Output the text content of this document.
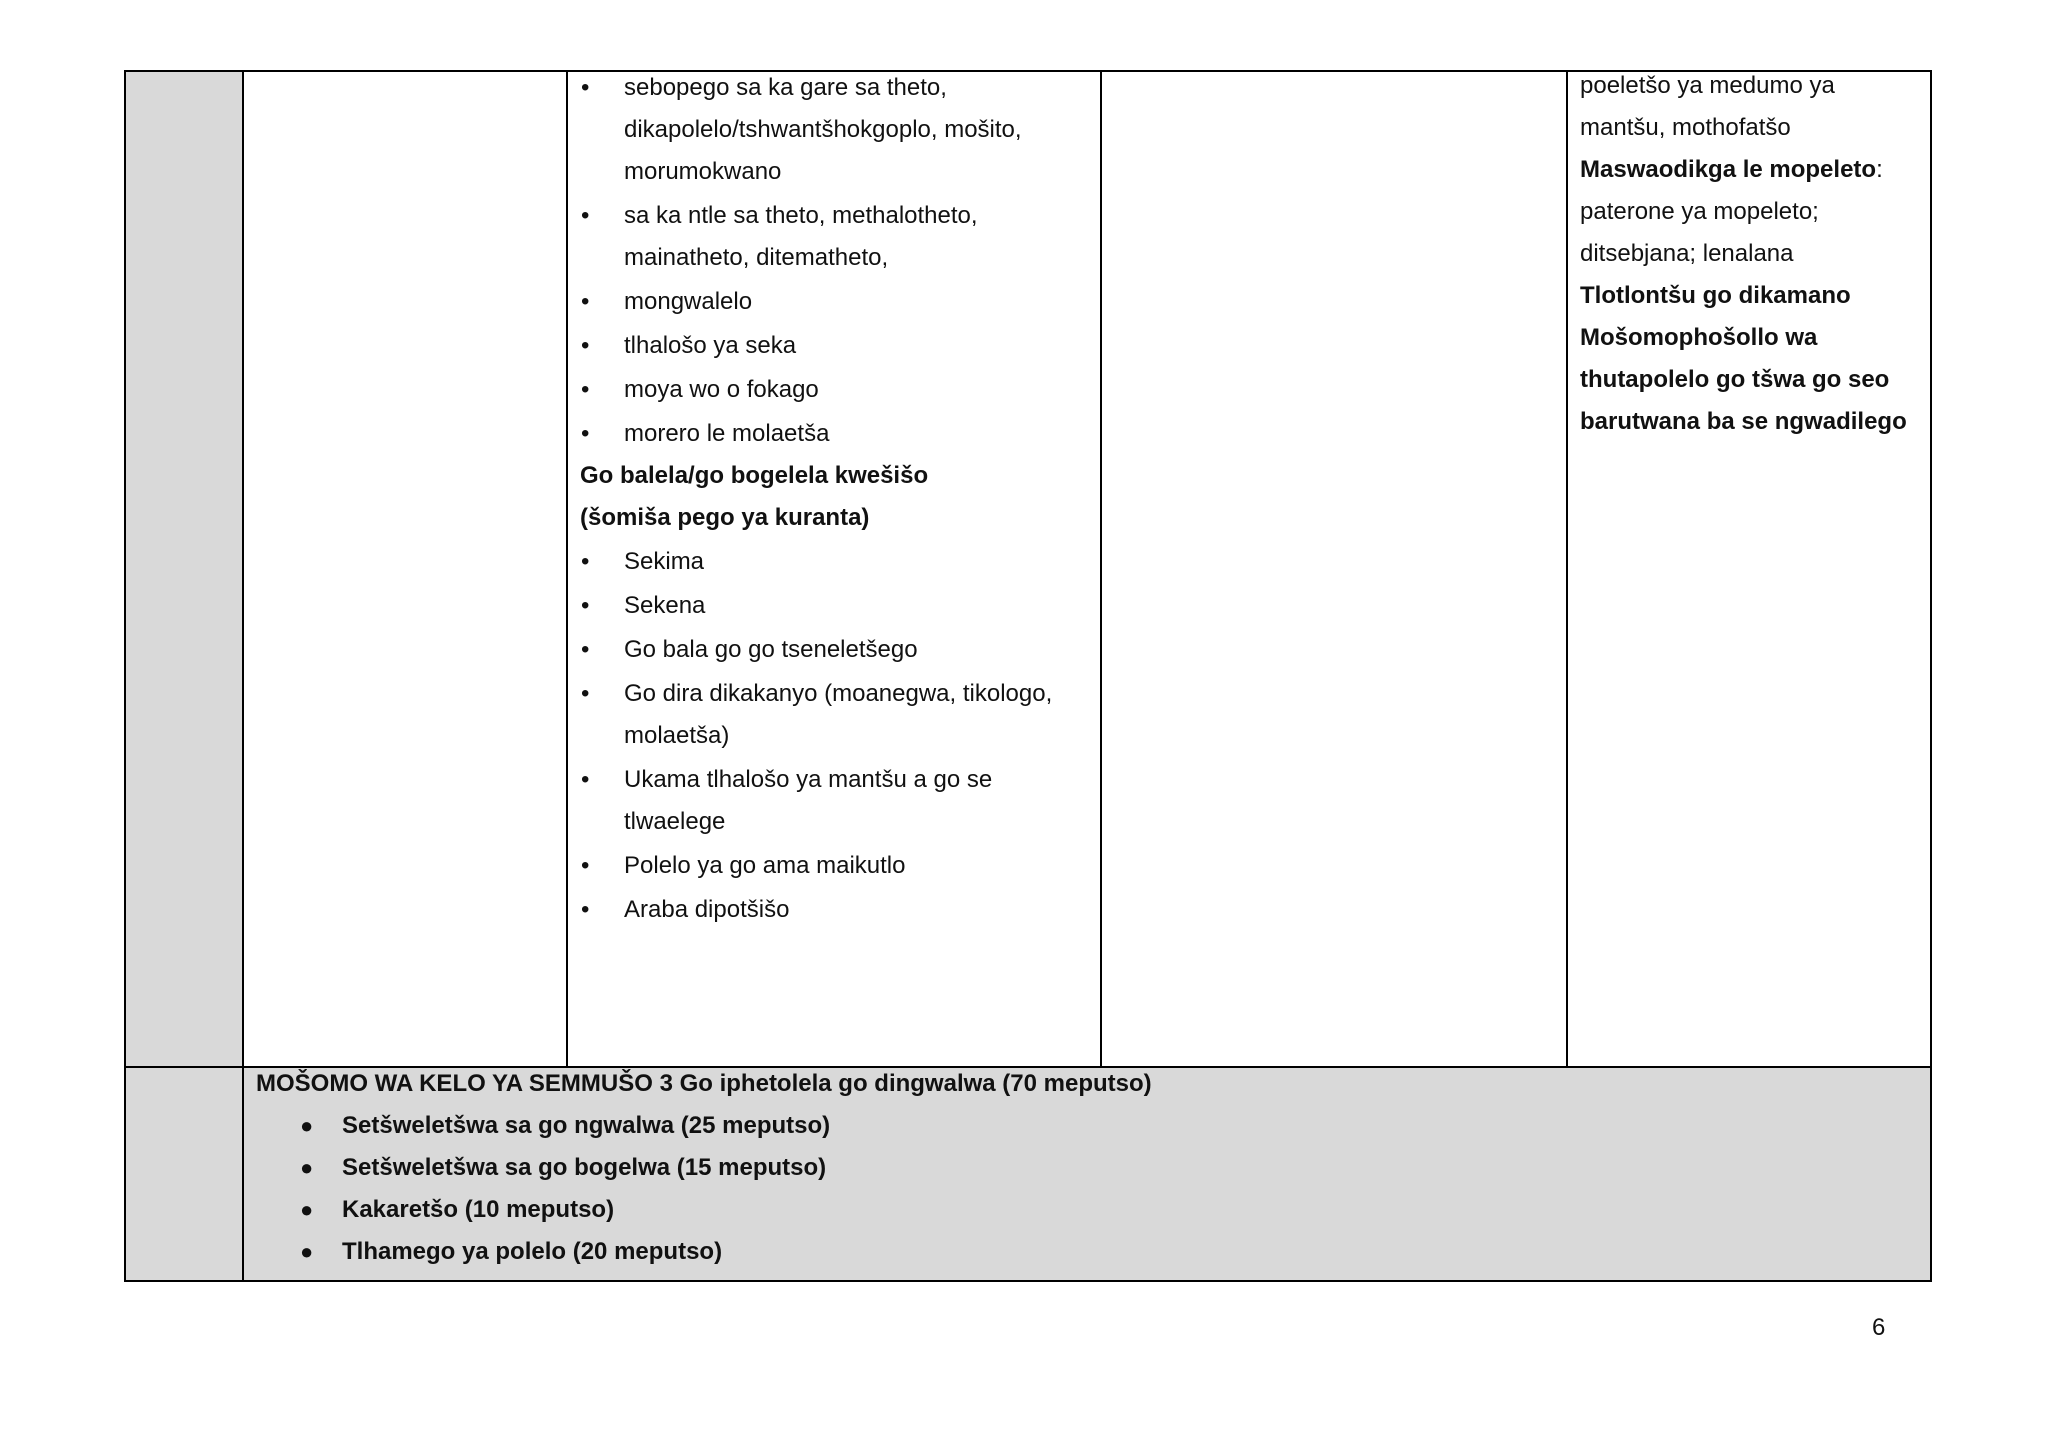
• sebopego sa ka gare sa theto,
dikapolelo/tshwantšhokgoplo, mošito,
morumokwano
• sa ka ntle sa theto, methalotheto,
mainatheto, ditematheto,
• mongwalelo
• tlhalošo ya seka
• moya wo o fokago
• morero le molaetša
Go balela/go bogelela kwešišo
(šomiša pego ya kuranta)
• Sekima
• Sekena
• Go bala go go tseneletšego
• Go dira dikakanyo (moanegwa, tikologo,
molaetša)
• Ukama tlhalošo ya mantšu a go se
tlwaelege
• Polelo ya go ama maikutlo
• Araba dipotšišo
poeletšo ya medumo ya
mantšu, mothofatšo
Maswaodikga le mopeleto:
paterone ya mopeleto;
ditsebjana; lenalana
Tlotlontšu go dikamano
Mošomophošollo wa
thutapolelo go tšwa go seo
barutwana ba se ngwadilego
MOŠOMO WA KELO YA SEMMUŠO 3 Go iphetolela go dingwalwa (70 meputso)
● Setšweletšwa sa go ngwalwa (25 meputso)
● Setšweletšwa sa go bogelwa (15 meputso)
● Kakaretšo (10 meputso)
● Tlhamego ya polelo (20 meputso)
6
